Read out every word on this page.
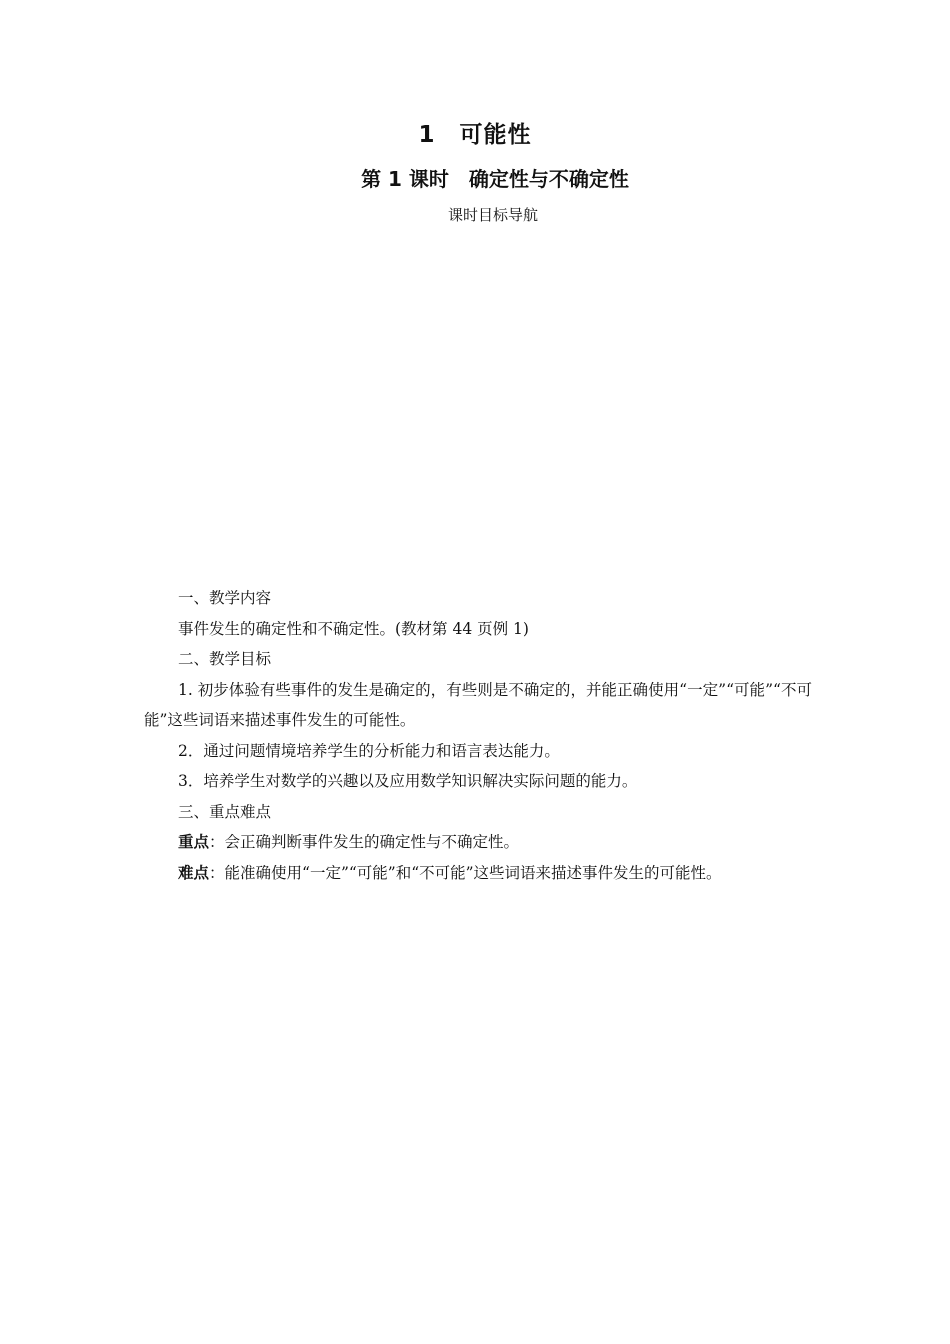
1　可能性
第 1 课时　确定性与不确定性
课时目标导航

一、教学内容

事件发生的确定性和不确定性。(教材第 44 页例 1)

二、教学目标

1. 初步体验有些事件的发生是确定的，有些则是不确定的，并能正确使用“一定”“可能”“不可能”这些词语来描述事件发生的可能性。

2．通过问题情境培养学生的分析能力和语言表达能力。

3．培养学生对数学的兴趣以及应用数学知识解决实际问题的能力。

三、重点难点

重点：会正确判断事件发生的确定性与不确定性。

难点：能准确使用“一定”“可能”和“不可能”这些词语来描述事件发生的可能性。
